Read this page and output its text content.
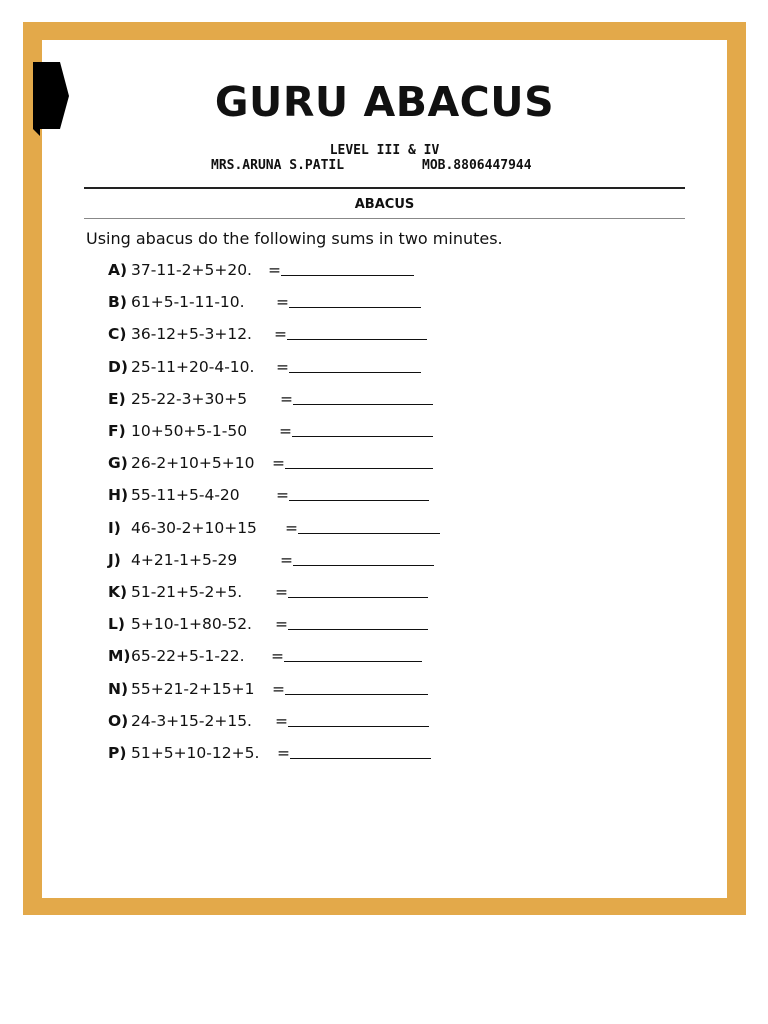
GURU ABACUS
LEVEL III & IV
MRS.ARUNA S.PATIL	MOB.8806447944
ABACUS
Using abacus do the following sums in two minutes.
A) 37-11-2+5+20. =
B) 61+5-1-11-10. =
C) 36-12+5-3+12. =
D) 25-11+20-4-10. =
E) 25-22-3+30+5 =
F) 10+50+5-1-50 =
G) 26-2+10+5+10 =
H) 55-11+5-4-20 =
I) 46-30-2+10+15 =
J) 4+21-1+5-29	=
K) 51-21+5-2+5. =
L) 5+10-1+80-52. =
M) 65-22+5-1-22. =
N) 55+21-2+15+1 =
O) 24-3+15-2+15. =
P) 51+5+10-12+5. =
